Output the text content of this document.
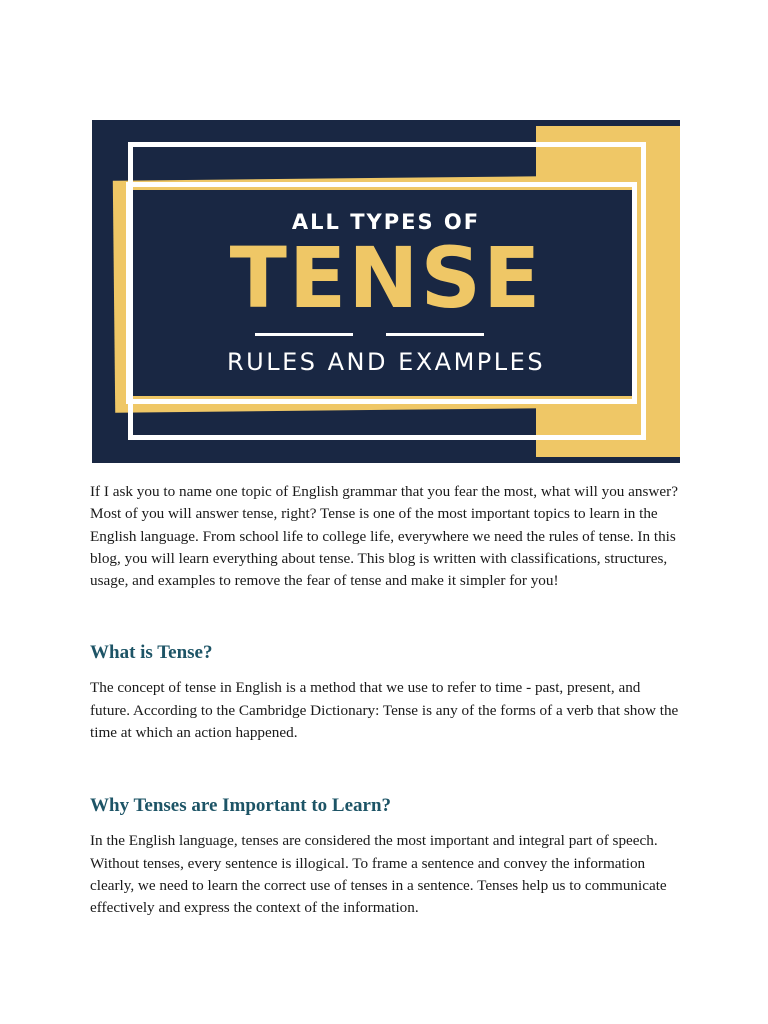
ALL TYPES OF
TENSE
RULES AND EXAMPLES

If I ask you to name one topic of English grammar that you fear the most, what will you answer? Most of you will answer tense, right? Tense is one of the most important topics to learn in the English language. From school life to college life, everywhere we need the rules of tense. In this blog, you will learn everything about tense. This blog is written with classifications, structures, usage, and examples to remove the fear of tense and make it simpler for you!

What is Tense?

The concept of tense in English is a method that we use to refer to time - past, present, and future. According to the Cambridge Dictionary: Tense is any of the forms of a verb that show the time at which an action happened.

Why Tenses are Important to Learn?

In the English language, tenses are considered the most important and integral part of speech. Without tenses, every sentence is illogical. To frame a sentence and convey the information clearly, we need to learn the correct use of tenses in a sentence. Tenses help us to communicate effectively and express the context of the information.
